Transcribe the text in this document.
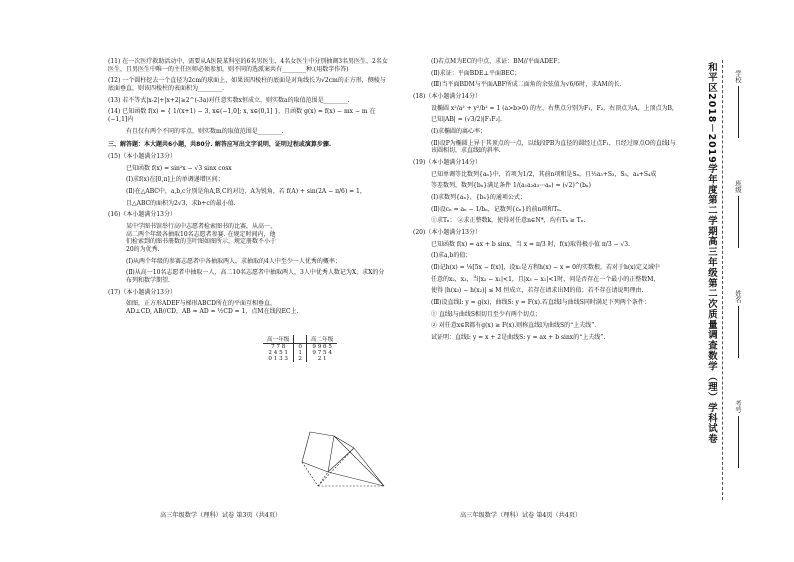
(11) 在一次医疗救助活动中，需要从A医院某科室的6名男医生、4名女医生中分别抽调3名男医生、2名女医生，且男医生中唯一的主任医师必须参加，则不同的选派案共有________种.(用数字作答)

(12) 一个圆柱挖去一个直径为2cm的球面上，如果该四棱柱的底面是对角线长为√2cm的正方形，侧棱与底面垂直，则该四棱柱的表面积为________.

(13) 若不等式|x-2|+|x+2|≥2^(-3a)对任意实数x恒成立，则实数a的取值范围是________.

(14) 已知函数 f(x) = { 1/(x+1) − 3, x∈(−1,0]; x, x∈(0,1] }，且函数 g(x) = f(x) − mx − m 在(−1,1]内

有且仅有两个不同的零点，则实数m的取值范围是________.

三、解答题：本大题共6小题，共80分. 解答应写出文字说明，证明过程或演算步骤.

(15)（本小题满分13分）

已知函数 f(x) = sin²x − √3 sinx cosx

(Ⅰ)求f(x)在[0,π]上的单调递增区间；

(Ⅱ)在△ABC中，a,b,c分别是角A,B,C的对边，A为锐角，若 f(A) + sin(2A − π/6) = 1，

且△ABC的面积为2√3，求b+c的最小值.

(16)（本小题满分13分）

某中学图书馆举行高中志愿者检索图书的比赛，从高一、高二两个年级各抽取10名志愿者参赛. 在规定时间内，他们检索到的图书册数的茎叶图如图所示，规定册数不小于20的为优秀.

(Ⅰ)从两个年级的参赛志愿者中各抽取两人，求抽取的4人中至少一人优秀的概率；

(Ⅱ)从高一10名志愿者中抽取一人，高二10名志愿者中抽取两人，3人中优秀人数记为X，求X的分布列和数学期望.

(17)（本小题满分13分）

如图，正方形ADEF与梯形ABCD所在的平面互相垂直，AD⊥CD, AB//CD，AB = AD = ½CD = 1，点M在线段EC上.

高三年级数学（理科）试卷 第3页（共4页）
高一年级		高二年级
7 7 8	0	9 9 6 5
2 4 5 1	1	9 7 5 4
0 1 3 3	2	2 1

(Ⅰ)若点M为EC的中点，求证：BM//平面ADEF；

(Ⅱ)求证：平面BDE⊥平面BEC；

(Ⅲ)当平面BDM与平面ABF所成二面角的余弦值为√6/6时，求AM的长.

(18)（本小题满分14分）

设椭圆 x²/a² + y²/b² = 1 (a>b>0) 的左、右焦点分别为F₁，F₂，右顶点为A，上顶点为B，

已知|AB| = (√3/2)|F₁F₂|.

(Ⅰ)求椭圆的离心率；

(Ⅱ)设P为椭圆上异于其顶点的一点，以线段PB为直径的圆经过点F₁，且经过原点O的直线l与该圆相切，求直线l的斜率.

(19)（本小题满分14分）

已知单调等比数列{aₙ}中，首项为1/2，其前n项和是Sₙ，且½a₃+S₃，S₅，a₄+S₄成

等差数列，数列{bₙ}满足条件 1/(a₁a₂a₃⋯aₙ) = (√2)^(bₙ)

(Ⅰ)求数列{aₙ}，{bₙ}的通项公式；

(Ⅱ)设cₙ = aₙ − 1/bₙ，记数列{cₙ}的前n项和Tₙ.

①求Tₙ； ②求正整数k，使得对任意n∈N*，均有Tₖ ≥ Tₙ.

(20)（本小题满分13分）

已知函数 f(x) = ax + b sinx，当 x = π/3 时，f(x)取得极小值 π/3 − √3.

(Ⅰ)求a,b的值；

(Ⅱ)记h(x) = ⅛[5x − f(x)]，设x₁是方程h(x) − x = 0的实数根，若对于h(x)定义域中

任意的x₂，x₃，当|x₂ − x₁|<1，且|x₃ − x₁|<1时，问是否存在一个最小的正整数M，

使得 |h(x₃) − h(x₂)| ≤ M 恒成立，若存在请求出M的值；若不存在请说明理由.

(Ⅲ)设直线l: y = g(x)，曲线S: y = F(x).若直线l与曲线S同时满足下列两个条件：

① 直线l与曲线S相切且至少有两个切点；

② 对任意x∈R都有g(x) ≥ F(x).则称直线l为曲线S的“上夫线”.

试证明：直线l: y = x + 2是曲线S: y = ax + b sinx的“上夫线”.

高三年级数学（理科）试卷 第4页（共4页）
和平区2018－2019学年度第二学期高三年级第二次质量调查数学（理）学科试卷	学校
班级
姓名
考号
